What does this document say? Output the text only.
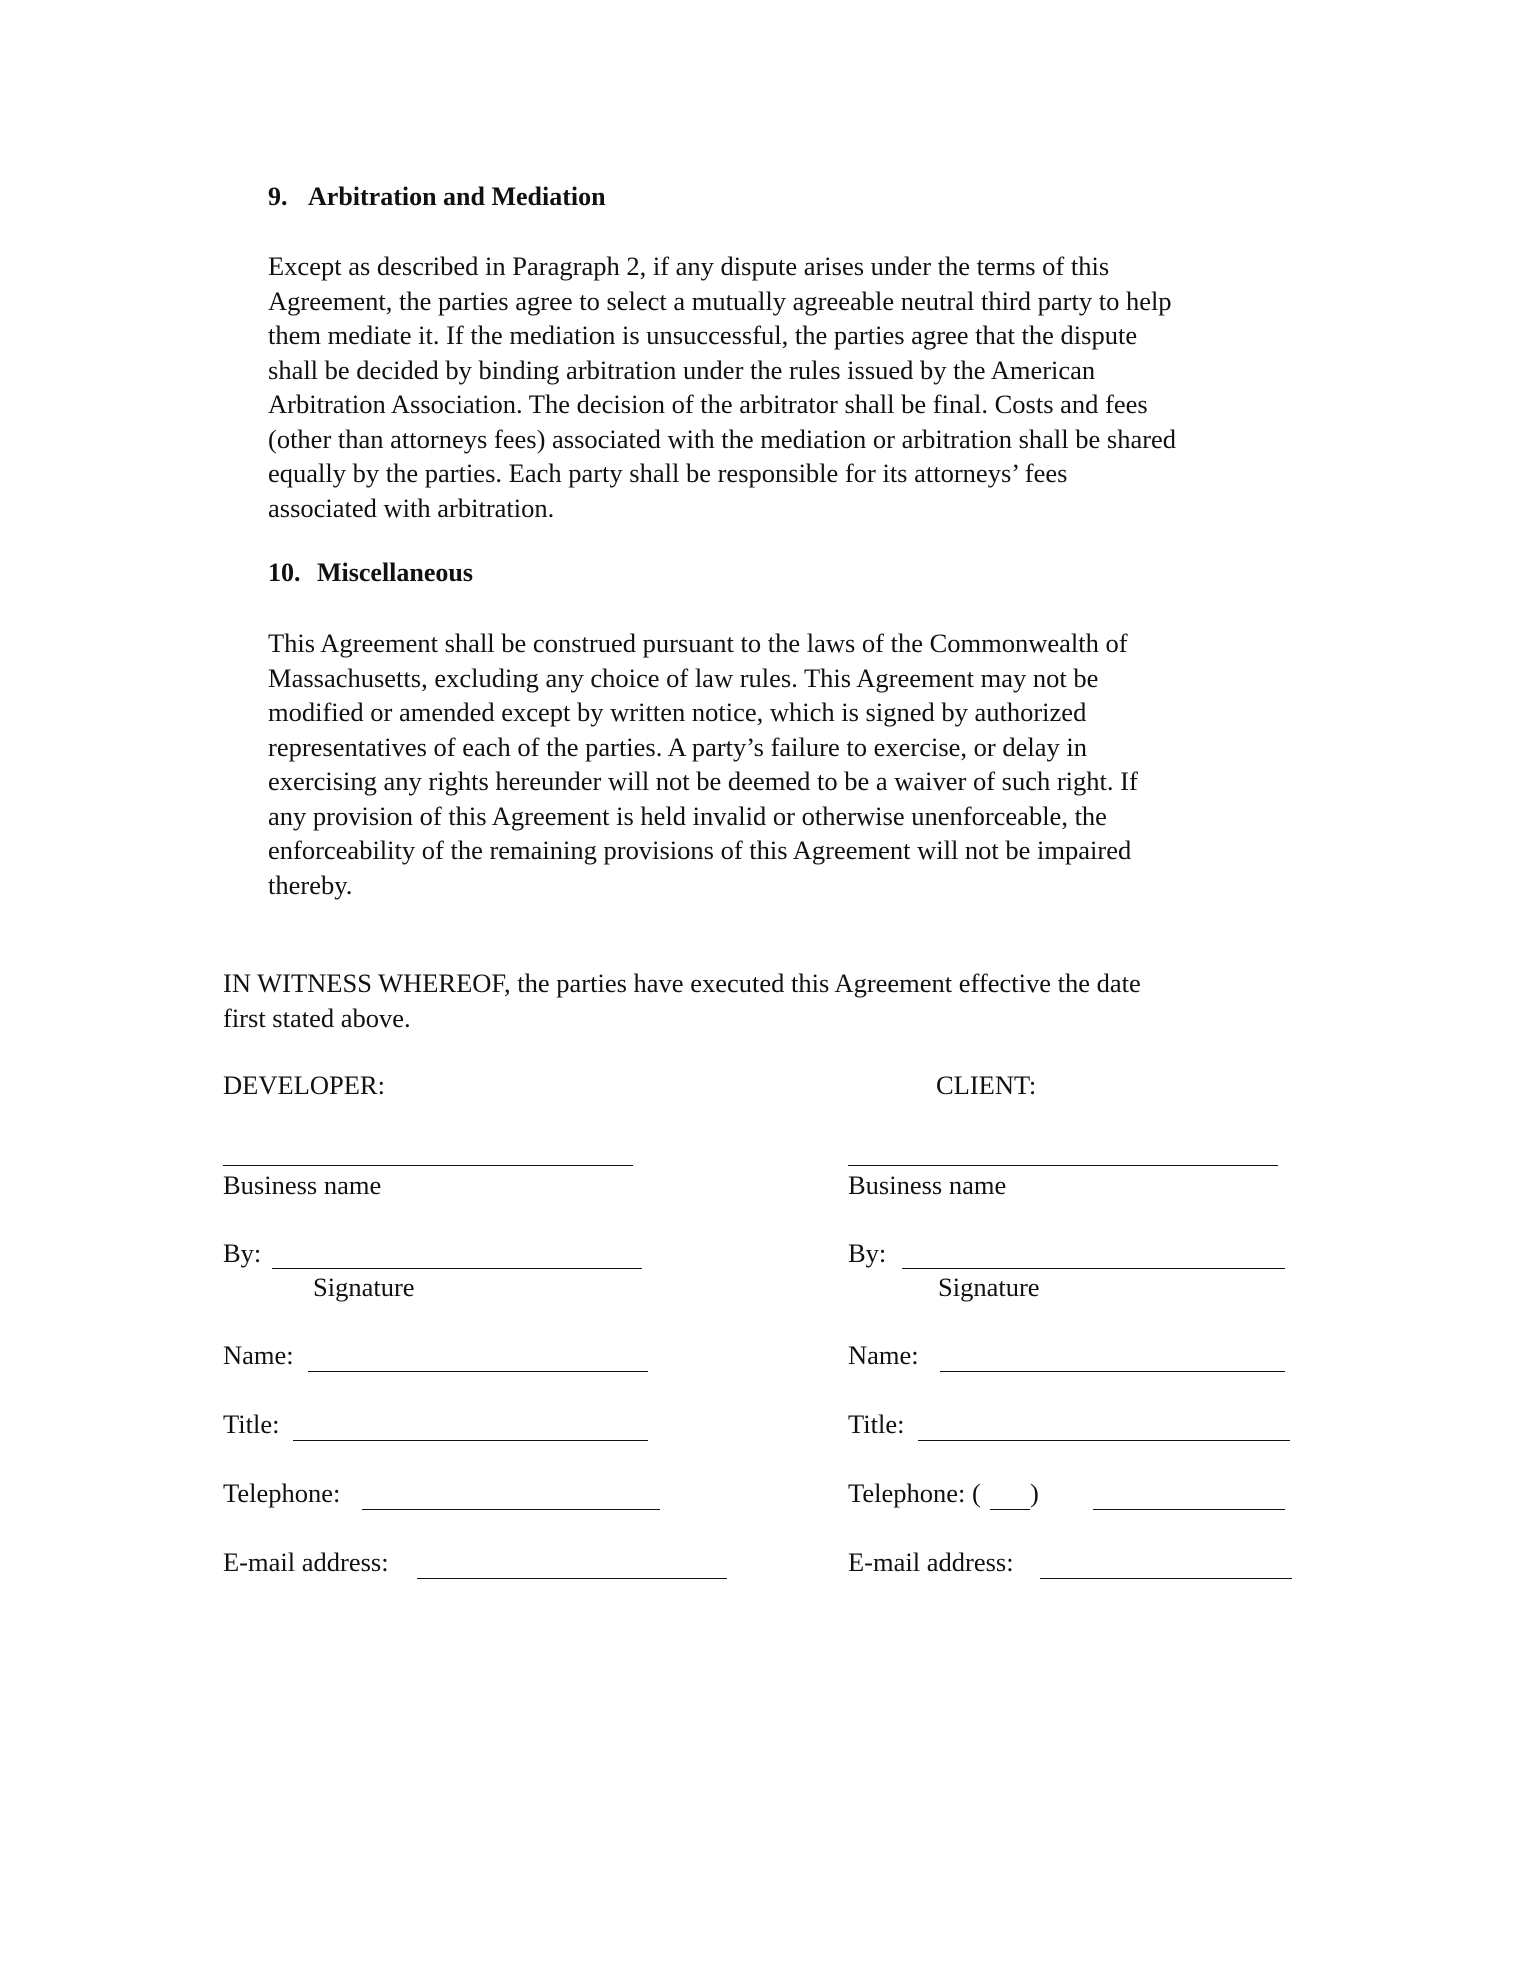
9. Arbitration and Mediation
Except as described in Paragraph 2, if any dispute arises under the terms of this
Agreement, the parties agree to select a mutually agreeable neutral third party to help
them mediate it. If the mediation is unsuccessful, the parties agree that the dispute
shall be decided by binding arbitration under the rules issued by the American
Arbitration Association. The decision of the arbitrator shall be final. Costs and fees
(other than attorneys fees) associated with the mediation or arbitration shall be shared
equally by the parties. Each party shall be responsible for its attorneys’ fees
associated with arbitration.
10. Miscellaneous
This Agreement shall be construed pursuant to the laws of the Commonwealth of
Massachusetts, excluding any choice of law rules. This Agreement may not be
modified or amended except by written notice, which is signed by authorized
representatives of each of the parties. A party’s failure to exercise, or delay in
exercising any rights hereunder will not be deemed to be a waiver of such right. If
any provision of this Agreement is held invalid or otherwise unenforceable, the
enforceability of the remaining provisions of this Agreement will not be impaired
thereby.
IN WITNESS WHEREOF, the parties have executed this Agreement effective the date
first stated above.
DEVELOPER:
Business name
By:
Signature
Name:
Title:
Telephone:
E-mail address:
CLIENT:
Business name
By:
Signature
Name:
Title:
Telephone: ( )
E-mail address:
